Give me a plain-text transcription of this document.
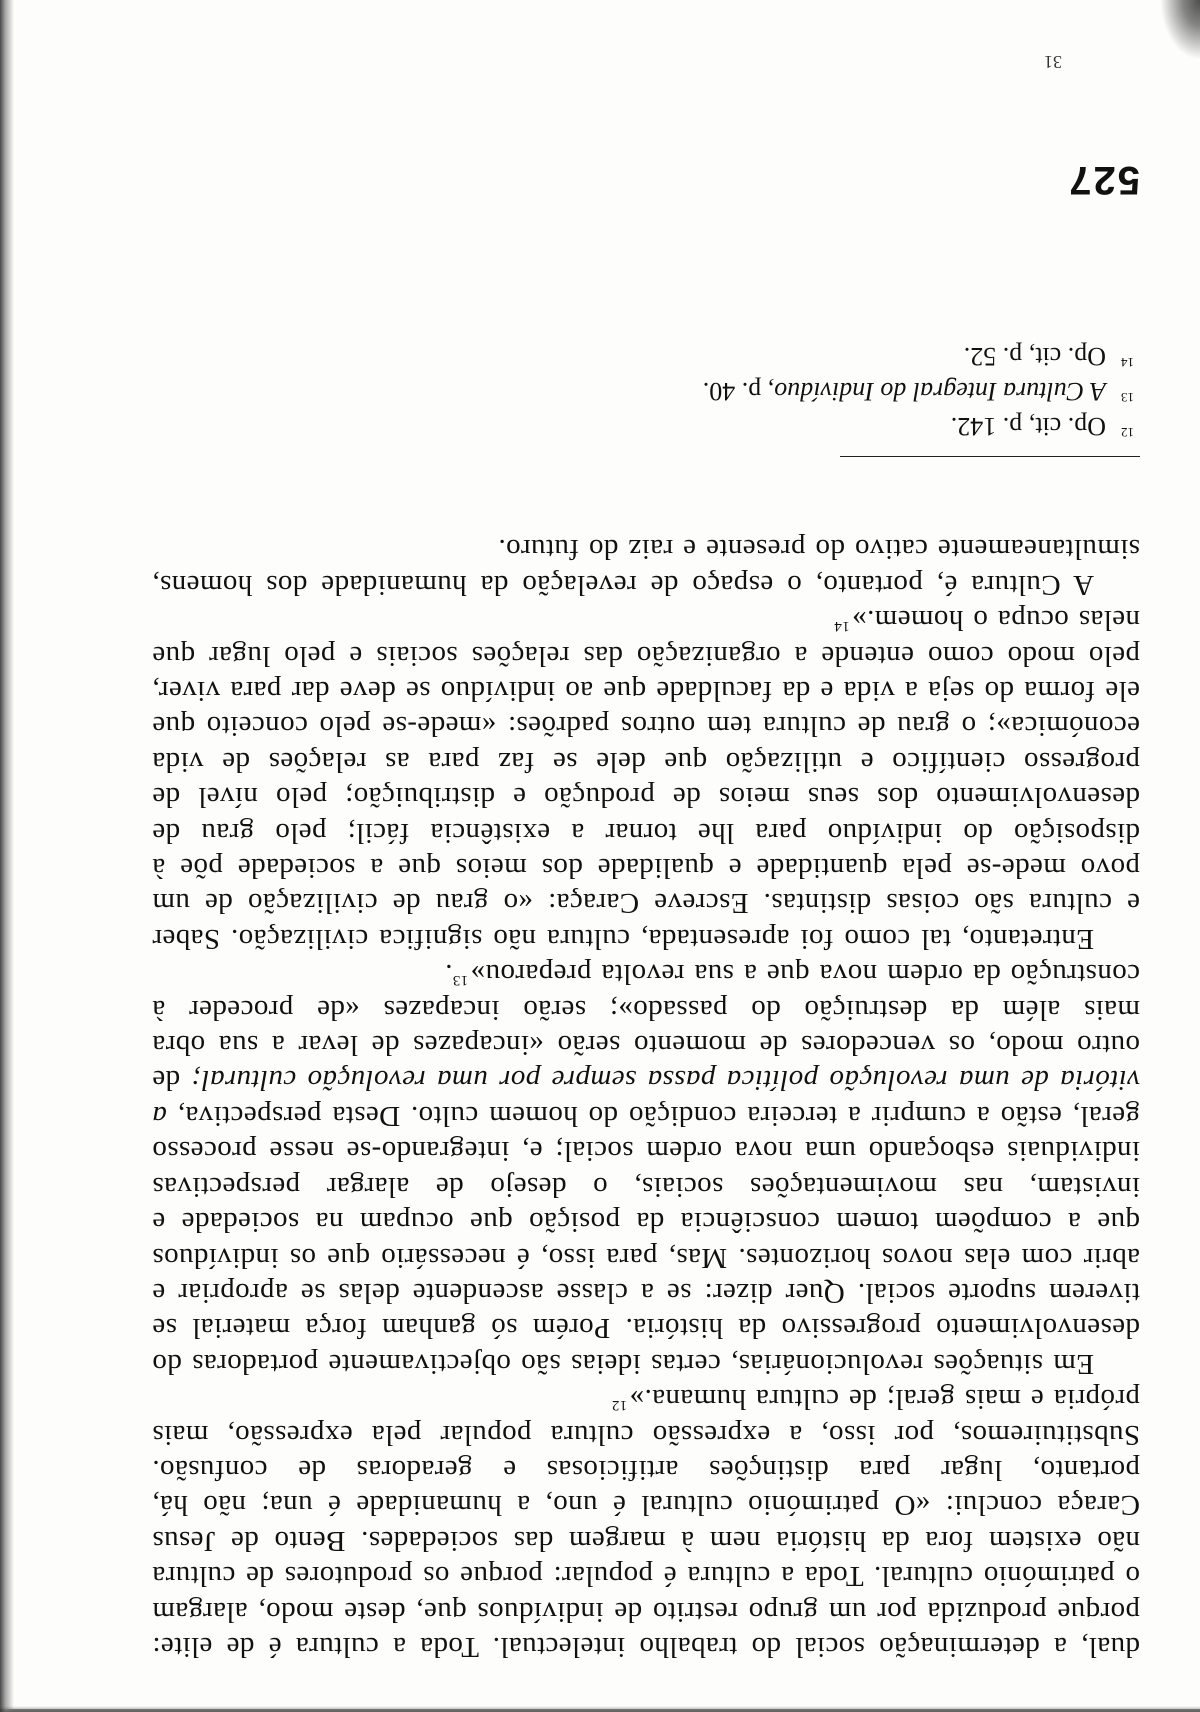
dual, a determinação social do trabalho intelectual. Toda a cultura é de elite: porque produzida por um grupo restrito de indivíduos que, deste modo, alargam o património cultural. Toda a cultura é popular: porque os produtores de cultura não existem fora da história nem à margem das sociedades. Bento de Jesus Caraça conclui: «O património cultural é uno, a humanidade é una; não há, portanto, lugar para distinções artificiosas e geradoras de confusão. Substituiremos, por isso, a expressão cultura popular pela expressão, mais própria e mais geral; de cultura humana.»$^{12}$

Em situações revolucionárias, certas ideias são objectivamente portadoras do desenvolvimento progressivo da história. Porém só ganham força material se tiverem suporte social. Quer dizer: se a classe ascendente delas se apropriar e abrir com elas novos horizontes. Mas, para isso, é necessário que os indivíduos que a compõem tomem consciência da posição que ocupam na sociedade e invistam, nas movimentações sociais, o desejo de alargar perspectivas individuais esboçando uma nova ordem social; e, integrando-se nesse processo geral, estão a cumprir a terceira condição do homem culto. Desta perspectiva, a vitória de uma revolução política passa sempre por uma revolução cultural; de outro modo, os vencedores de momento serão «incapazes de levar a sua obra mais além da destruição do passado»; serão incapazes «de proceder à construção da ordem nova que a sua revolta preparou»$^{13}$.

Entretanto, tal como foi apresentada, cultura não significa civilização. Saber e cultura são coisas distintas. Escreve Caraça: «o grau de civilização de um povo mede-se pela quantidade e qualidade dos meios que a sociedade põe à disposição do indivíduo para lhe tornar a existência fácil; pelo grau de desenvolvimento dos seus meios de produção e distribuição; pelo nível de progresso científico e utilização que dele se faz para as relações de vida económica»; o grau de cultura tem outros padrões: «mede-se pelo conceito que ele forma do seja a vida e da faculdade que ao indivíduo se deve dar para viver, pelo modo como entende a organização das relações sociais e pelo lugar que nelas ocupa o homem.»$^{14}$

A Cultura é, portanto, o espaço de revelação da humanidade dos homens, simultaneamente cativo do presente e raiz do futuro.

12
Op. cit, p. 142.

13
A Cultura Integral do Indivíduo, p. 40.

14
Op. cit, p. 52.

527
31
